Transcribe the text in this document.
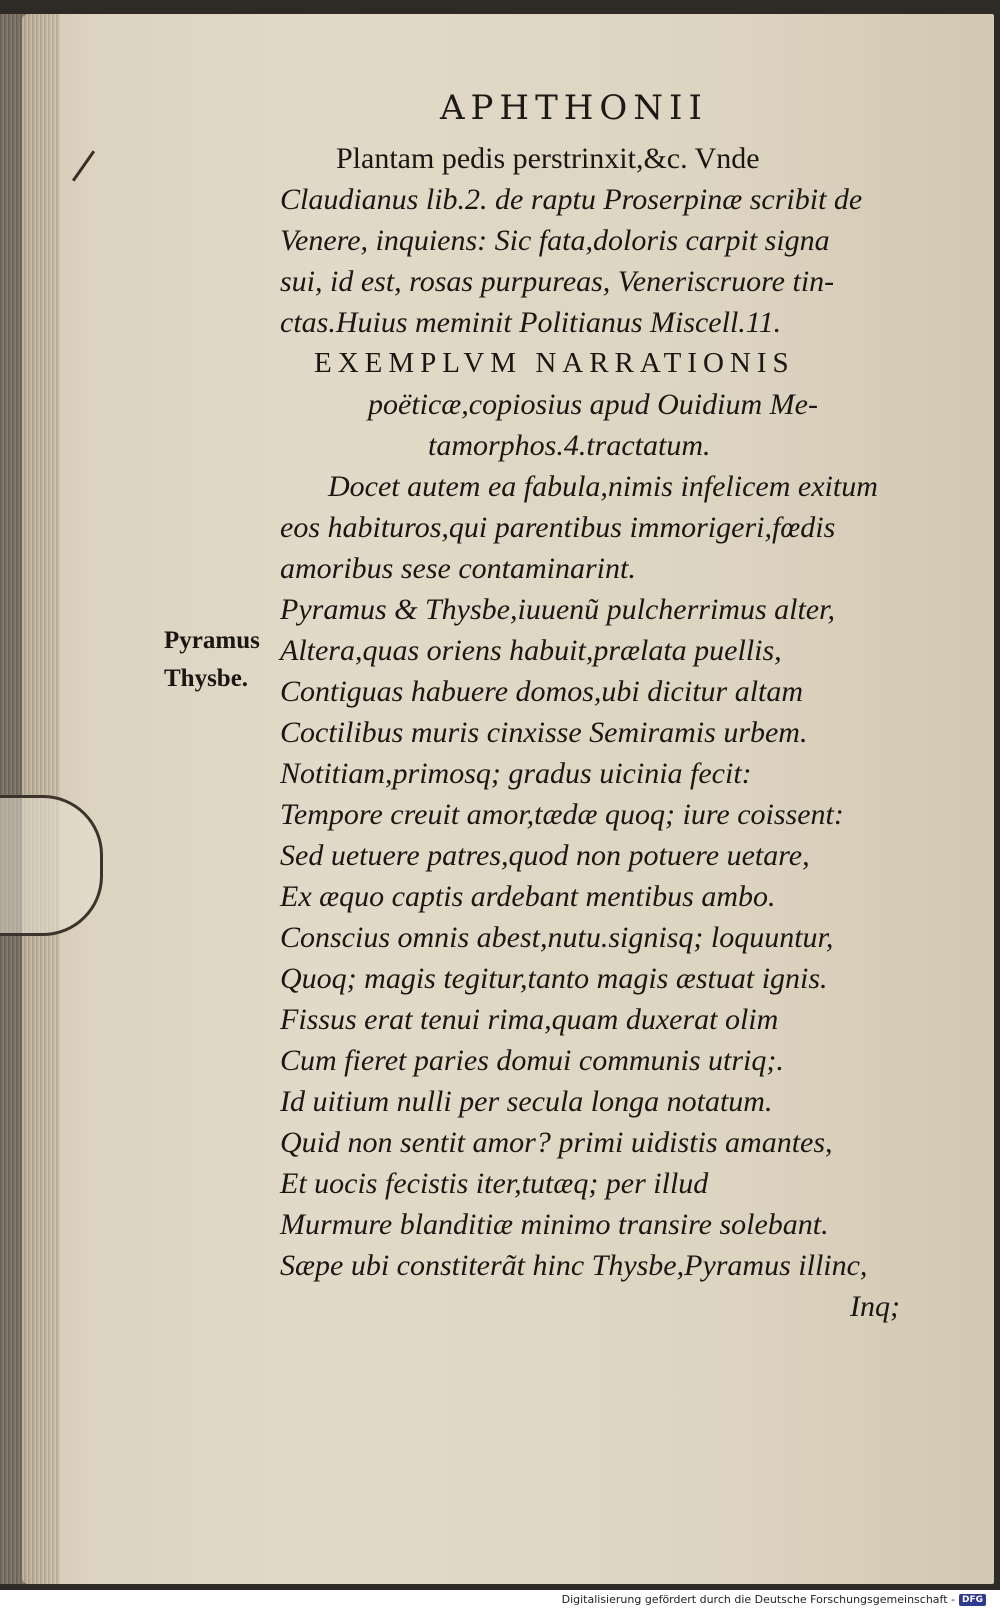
APHTHONII
Pyramus
Thysbe.
Plantam pedis perstrinxit,&c. Vnde
Claudianus lib.2. de raptu Proserpinæ scribit de
Venere, inquiens: Sic fata,doloris carpit signa
sui, id est, rosas purpureas, Veneriscruore tin-
ctas.Huius meminit Politianus Miscell.11.
EXEMPLVM NARRATIONIS
poëticæ,copiosius apud Ouidium Me-
tamorphos.4.tractatum.
Docet autem ea fabula,nimis infelicem exitum
eos habituros,qui parentibus immorigeri,fœdis
amoribus sese contaminarint.
Pyramus & Thysbe,iuuenũ pulcherrimus alter,
Altera,quas oriens habuit,prælata puellis,
Contiguas habuere domos,ubi dicitur altam
Coctilibus muris cinxisse Semiramis urbem.
Notitiam,primosq; gradus uicinia fecit:
Tempore creuit amor,tædæ quoq; iure coissent:
Sed uetuere patres,quod non potuere uetare,
Ex æquo captis ardebant mentibus ambo.
Conscius omnis abest,nutu.signisq; loquuntur,
Quoq; magis tegitur,tanto magis æstuat ignis.
Fissus erat tenui rima,quam duxerat olim
Cum fieret paries domui communis utriq;.
Id uitium nulli per secula longa notatum.
Quid non sentit amor? primi uidistis amantes,
Et uocis fecistis iter,tutæq; per illud
Murmure blanditiæ minimo transire solebant.
Sæpe ubi constiterãt hinc Thysbe,Pyramus illinc,
Inq;
Digitalisierung gefördert durch die Deutsche Forschungsgemeinschaft - DFG
